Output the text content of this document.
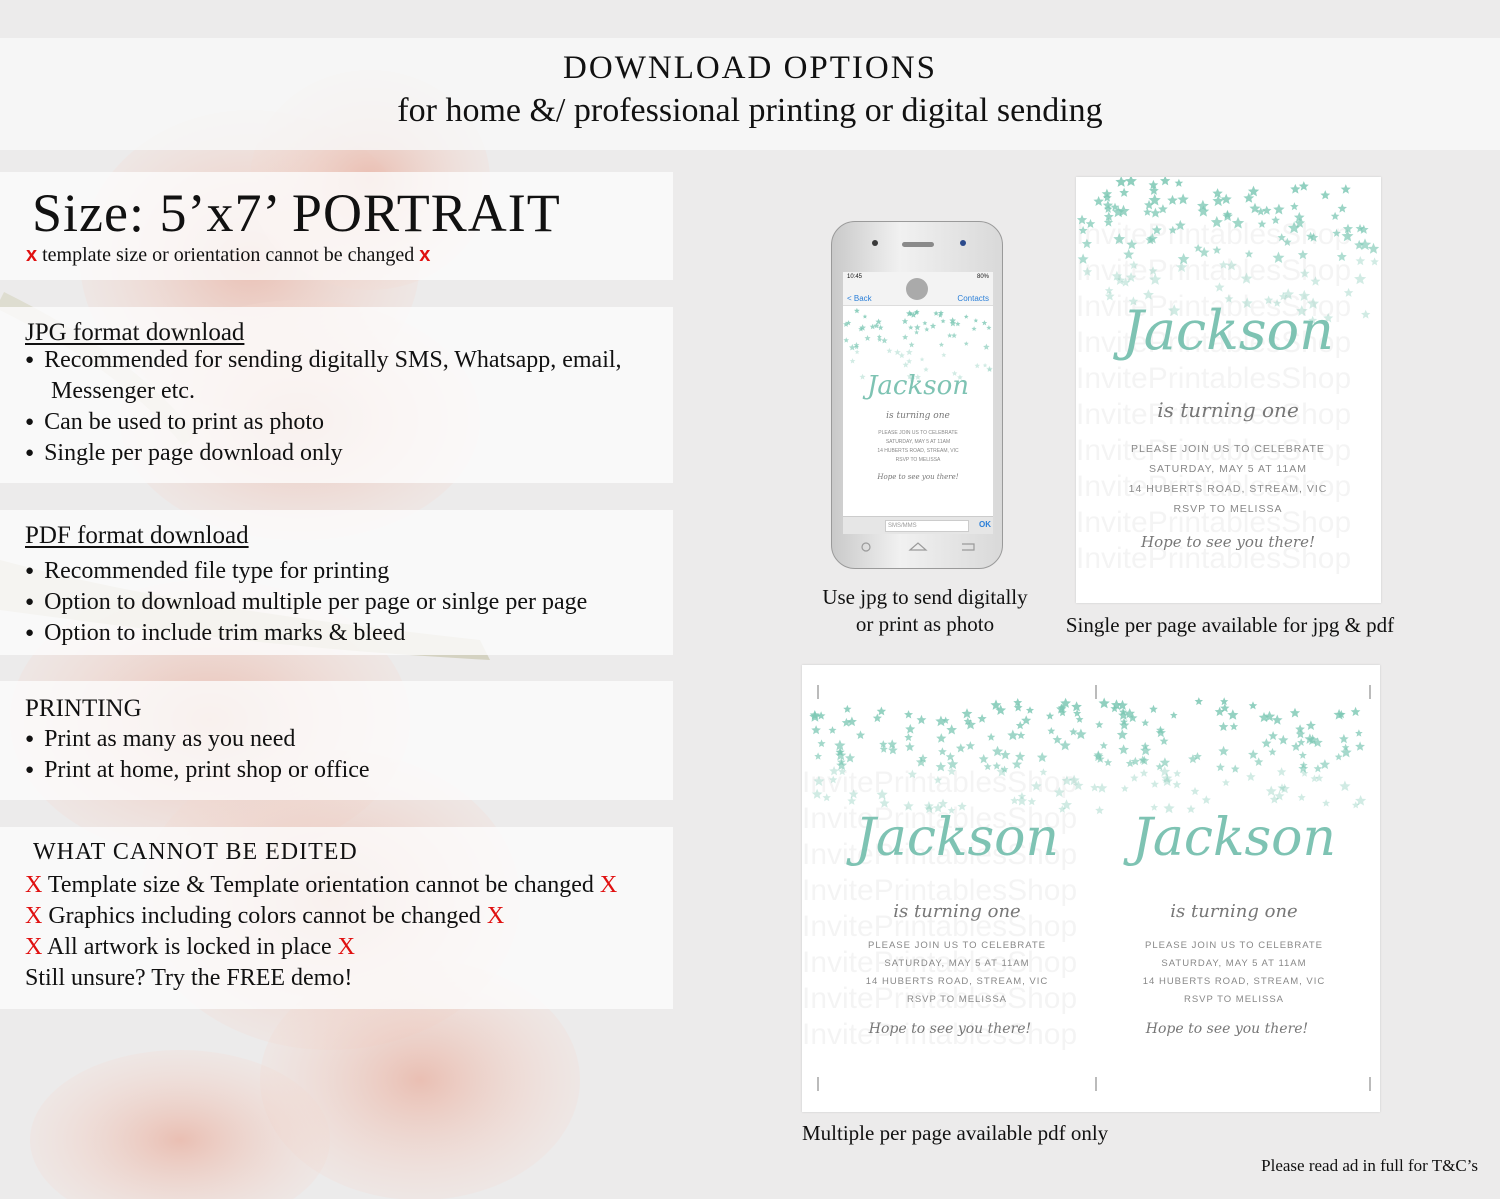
DOWNLOAD OPTIONS
for home &/ professional printing or digital sending
Size: 5’x7’ PORTRAIT
x template size or orientation cannot be changed x
JPG format download
● Recommended for sending digitally SMS, Whatsapp, email,
Messenger etc.
● Can be used to print as photo
● Single per page download only
PDF format download
● Recommended file type for printing
● Option to download multiple per page or sinlge per page
● Option to include trim marks & bleed
PRINTING
● Print as many as you need
● Print at home, print shop or office
WHAT CANNOT BE EDITED
X Template size & Template orientation cannot be changed X
X Graphics including colors cannot be changed X
X All artwork is locked in place X
Still unsure? Try the FREE demo!
10:45	80%
< Back	Contacts
Jackson
is turning one
PLEASE JOIN US TO CELEBRATE
SATURDAY, MAY 5 AT 11AM
14 HUBERTS ROAD, STREAM, VIC
RSVP TO MELISSA
Hope to see you there!
SMS/MMS	OK
Use jpg to send digitally
or print as photo
Jackson
is turning one
PLEASE JOIN US TO CELEBRATE
SATURDAY, MAY 5 AT 11AM
14 HUBERTS ROAD, STREAM, VIC
RSVP TO MELISSA
Hope to see you there!
Single per page available for jpg & pdf
Jackson
is turning one
PLEASE JOIN US TO CELEBRATE
SATURDAY, MAY 5 AT 11AM
14 HUBERTS ROAD, STREAM, VIC
RSVP TO MELISSA
Hope to see you there!
Jackson
is turning one
PLEASE JOIN US TO CELEBRATE
SATURDAY, MAY 5 AT 11AM
14 HUBERTS ROAD, STREAM, VIC
RSVP TO MELISSA
Hope to see you there!
Multiple per page available pdf only
Please read ad in full for T&C’s
